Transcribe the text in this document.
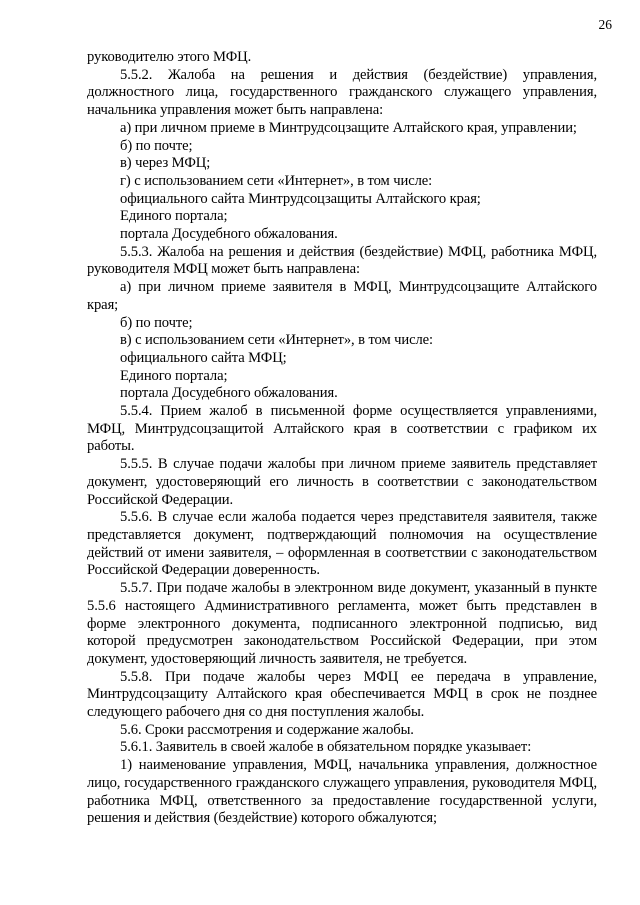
26

руководителю этого МФЦ.

5.5.2. Жалоба на решения и действия (бездействие) управления, должностного лица, государственного гражданского служащего управления, начальника управления может быть направлена:

а) при личном приеме в Минтрудсоцзащите Алтайского края, управлении;

б) по почте;

в) через МФЦ;

г) с использованием сети «Интернет», в том числе:

официального сайта Минтрудсоцзащиты Алтайского края;

Единого портала;

портала Досудебного обжалования.

5.5.3. Жалоба на решения и действия (бездействие) МФЦ, работника МФЦ, руководителя МФЦ может быть направлена:

а) при личном приеме заявителя в МФЦ, Минтрудсоцзащите Алтайского края;

б) по почте;

в) с использованием сети «Интернет», в том числе:

официального сайта МФЦ;

Единого портала;

портала Досудебного обжалования.

5.5.4. Прием жалоб в письменной форме осуществляется управлениями, МФЦ, Минтрудсоцзащитой Алтайского края в соответствии с графиком их работы.

5.5.5. В случае подачи жалобы при личном приеме заявитель представляет документ, удостоверяющий его личность в соответствии с законодательством Российской Федерации.

5.5.6. В случае если жалоба подается через представителя заявителя, также представляется документ, подтверждающий полномочия на осуществление действий от имени заявителя, – оформленная в соответствии с законодательством Российской Федерации доверенность.

5.5.7. При подаче жалобы в электронном виде документ, указанный в пункте 5.5.6 настоящего Административного регламента, может быть представлен в форме электронного документа, подписанного электронной подписью, вид которой предусмотрен законодательством Российской Федерации, при этом документ, удостоверяющий личность заявителя, не требуется.

5.5.8. При подаче жалобы через МФЦ ее передача в управление, Минтрудсоцзащиту Алтайского края обеспечивается МФЦ в срок не позднее следующего рабочего дня со дня поступления жалобы.

5.6. Сроки рассмотрения и содержание жалобы.

5.6.1. Заявитель в своей жалобе в обязательном порядке указывает:

1) наименование управления, МФЦ, начальника управления, должностное лицо, государственного гражданского служащего управления, руководителя МФЦ, работника МФЦ, ответственного за предоставление государственной услуги, решения и действия (бездействие) которого обжалуются;
